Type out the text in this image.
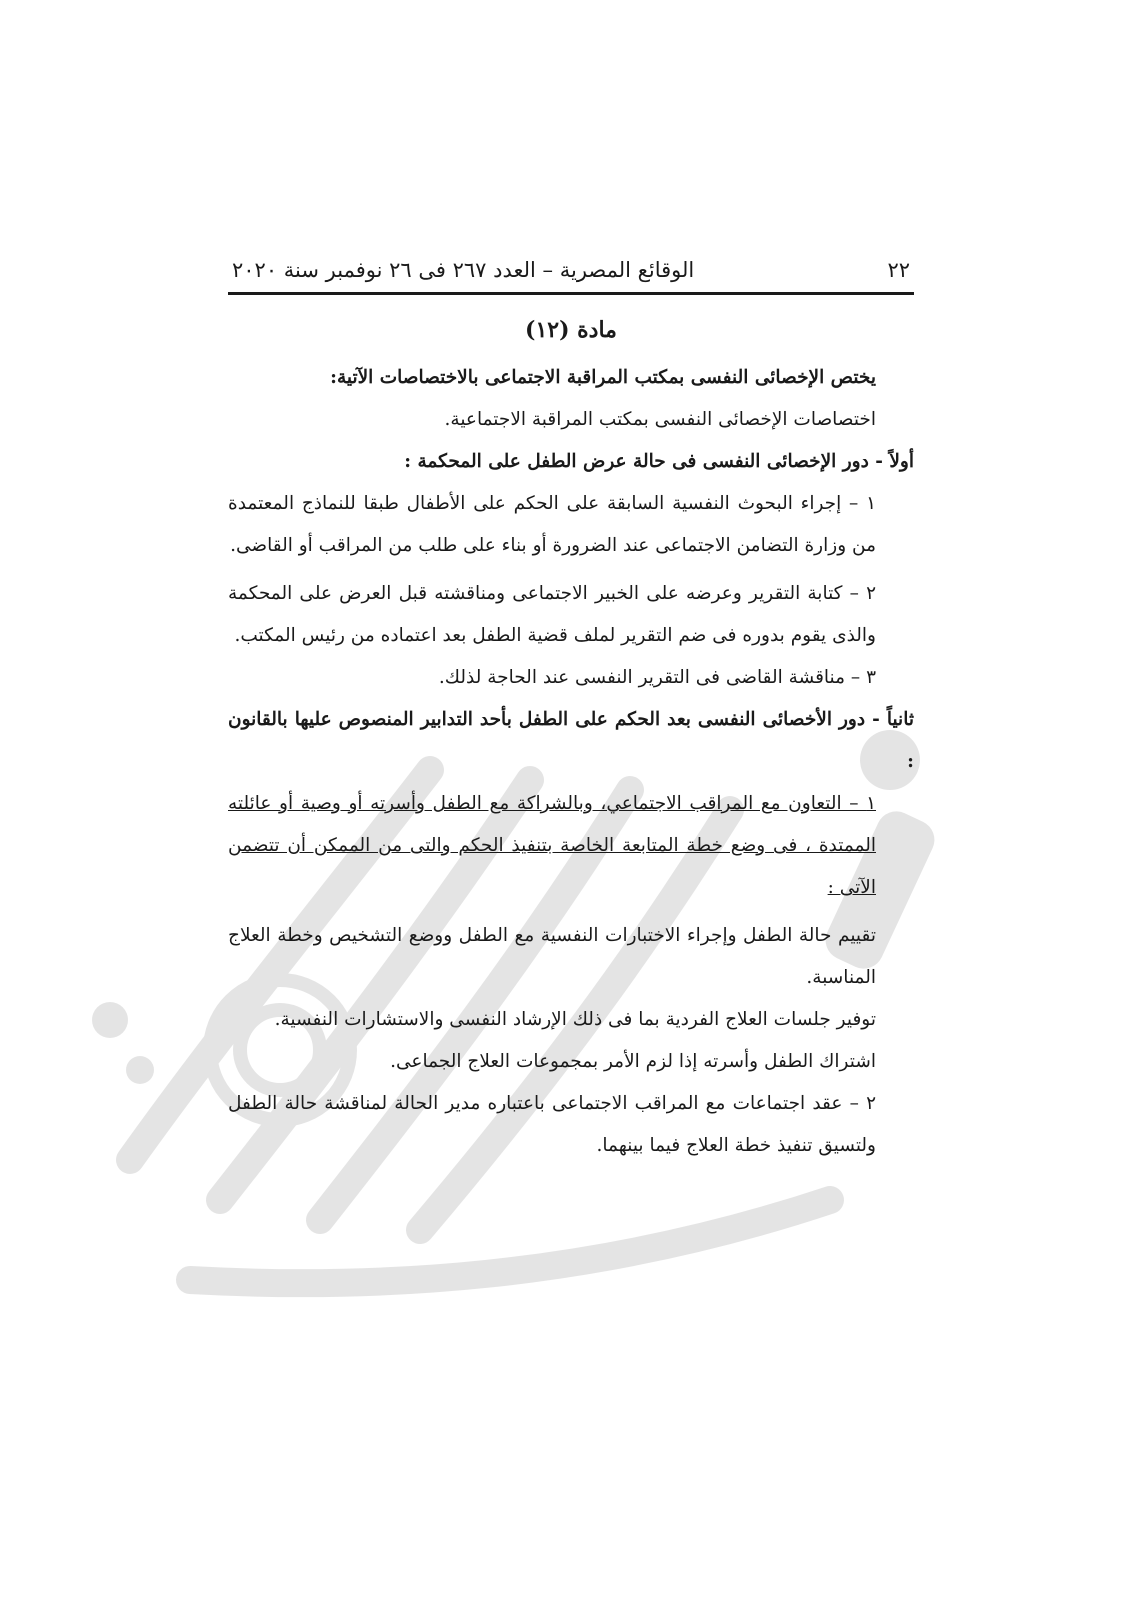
٢٢
الوقائع المصرية – العدد ٢٦٧ فى ٢٦ نوفمبر سنة ٢٠٢٠
مادة (١٢)

يختص الإخصائى النفسى بمكتب المراقبة الاجتماعى بالاختصاصات الآتية:

اختصاصات الإخصائى النفسى بمكتب المراقبة الاجتماعية.

أولاً - دور الإخصائى النفسى فى حالة عرض الطفل على المحكمة :

١ – إجراء البحوث النفسية السابقة على الحكم على الأطفال طبقا للنماذج المعتمدة من وزارة التضامن الاجتماعى عند الضرورة أو بناء على طلب من المراقب أو القاضى.

٢ – كتابة التقرير وعرضه على الخبير الاجتماعى ومناقشته قبل العرض على المحكمة والذى يقوم بدوره فى ضم التقرير لملف قضية الطفل بعد اعتماده من رئيس المكتب.

٣ – مناقشة القاضى فى التقرير النفسى عند الحاجة لذلك.

ثانياً - دور الأخصائى النفسى بعد الحكم على الطفل بأحد التدابير المنصوص عليها بالقانون :

١ – التعاون مع المراقب الاجتماعي، وبالشراكة مع الطفل وأسرته أو وصية أو عائلته الممتدة ، فى وضع خطة المتابعة الخاصة بتنفيذ الحكم والتى من الممكن أن تتضمن الآتى :

تقييم حالة الطفل وإجراء الاختبارات النفسية مع الطفل ووضع التشخيص وخطة العلاج المناسبة.

توفير جلسات العلاج الفردية بما فى ذلك الإرشاد النفسى والاستشارات النفسية.

اشتراك الطفل وأسرته إذا لزم الأمر بمجموعات العلاج الجماعى.

٢ – عقد اجتماعات مع المراقب الاجتماعى باعتباره مدير الحالة لمناقشة حالة الطفل ولتسيق تنفيذ خطة العلاج فيما بينهما.
